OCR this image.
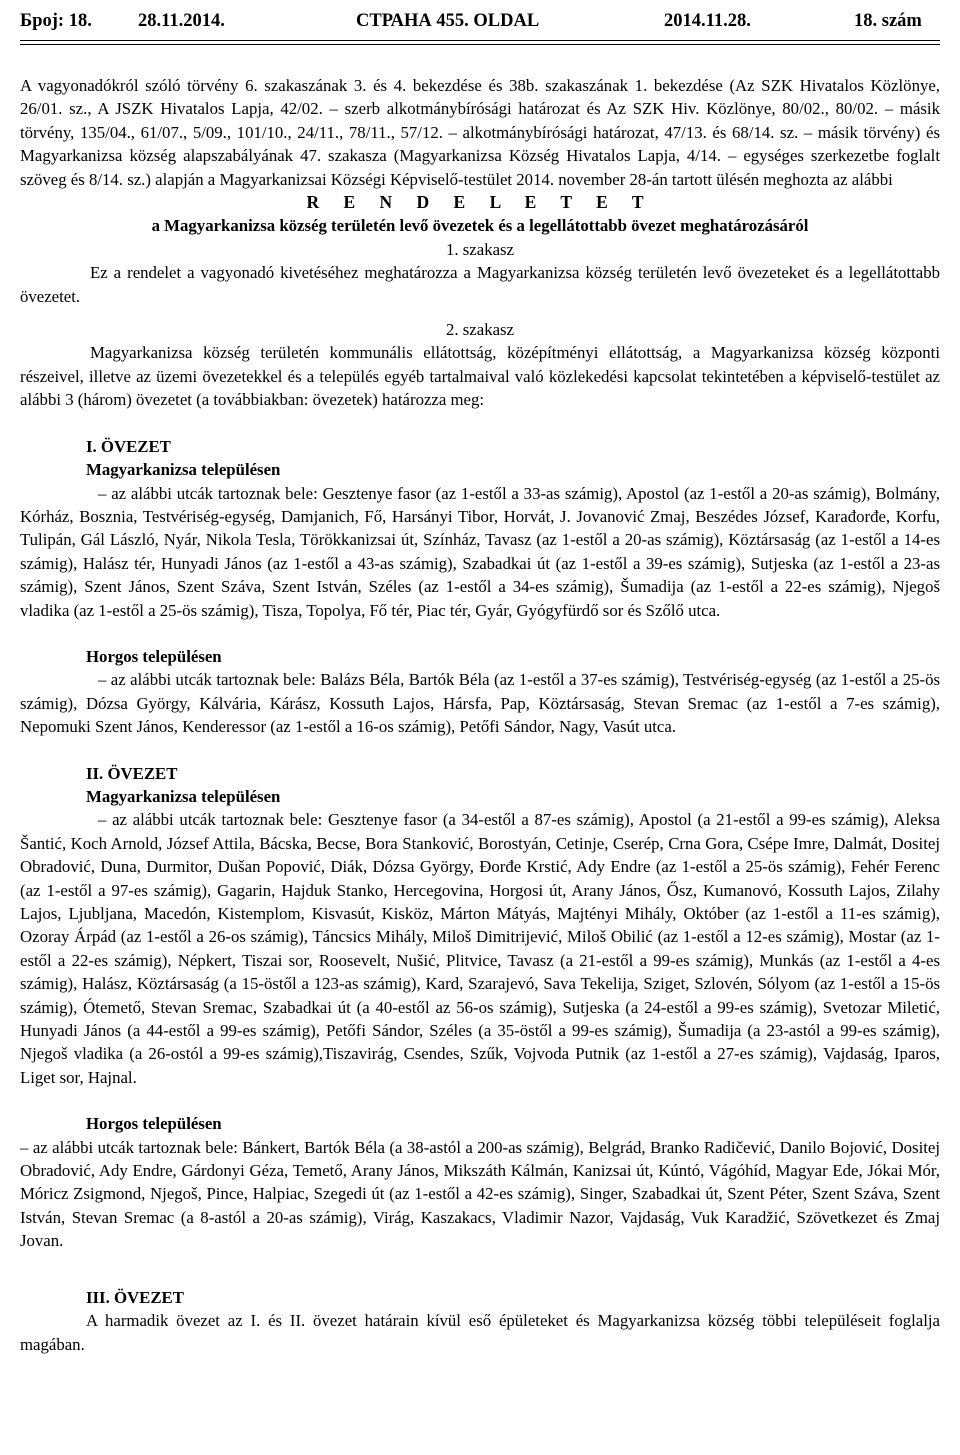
Број: 18. 28.11.2014.	СТРАНА 455. OLDAL	2014.11.28.	18. szám

A vagyonadókról szóló törvény 6. szakaszának 3. és 4. bekezdése és 38b. szakaszának 1. bekezdése (Az SZK Hivatalos Közlönye, 26/01. sz., A JSZK Hivatalos Lapja, 42/02. – szerb alkotmánybírósági határozat és Az SZK Hiv. Közlönye, 80/02., 80/02. – másik törvény, 135/04., 61/07., 5/09., 101/10., 24/11., 78/11., 57/12. – alkotmánybírósági határozat, 47/13. és 68/14. sz. – másik törvény) és Magyarkanizsa község alapszabályának 47. szakasza (Magyarkanizsa Község Hivatalos Lapja, 4/14. – egységes szerkezetbe foglalt szöveg és 8/14. sz.) alapján a Magyarkanizsai Községi Képviselő-testület 2014. november 28-án tartott ülésén meghozta az alábbi

R E N D E L E T E T

a Magyarkanizsa község területén levő övezetek és a legellátottabb övezet meghatározásáról

1. szakasz

Ez a rendelet a vagyonadó kivetéséhez meghatározza a Magyarkanizsa község területén levő övezeteket és a legellátottabb övezetet.

2. szakasz

Magyarkanizsa község területén kommunális ellátottság, középítményi ellátottság, a Magyarkanizsa község központi részeivel, illetve az üzemi övezetekkel és a település egyéb tartalmaival való közlekedési kapcsolat tekintetében a képviselő-testület az alábbi 3 (három) övezetet (a továbbiakban: övezetek) határozza meg:

I. ÖVEZET

Magyarkanizsa településen

– az alábbi utcák tartoznak bele: Gesztenye fasor (az 1-estől a 33-as számig), Apostol (az 1-estől a 20-as számig), Bolmány, Kórház, Bosznia, Testvériség-egység, Damjanich, Fő, Harsányi Tibor, Horvát, J. Jovanović Zmaj, Beszédes József, Karađorđe, Korfu, Tulipán, Gál László, Nyár, Nikola Tesla, Törökkanizsai út, Színház, Tavasz (az 1-estől a 20-as számig), Köztársaság (az 1-estől a 14-es számig), Halász tér, Hunyadi János (az 1-estől a 43-as számig), Szabadkai út (az 1-estől a 39-es számig), Sutjeska (az 1-estől a 23-as számig), Szent János, Szent Száva, Szent István, Széles (az 1-estől a 34-es számig), Šumadija (az 1-estől a 22-es számig), Njegoš vladika (az 1-estől a 25-ös számig), Tisza, Topolya, Fő tér, Piac tér, Gyár, Gyógyfürdő sor és Szőlő utca.

Horgos településen

– az alábbi utcák tartoznak bele: Balázs Béla, Bartók Béla (az 1-estől a 37-es számig), Testvériség-egység (az 1-estől a 25-ös számig), Dózsa György, Kálvária, Kárász, Kossuth Lajos, Hársfa, Pap, Köztársaság, Stevan Sremac (az 1-estől a 7-es számig), Nepomuki Szent János, Kenderessor (az 1-estől a 16-os számig), Petőfi Sándor, Nagy, Vasút utca.

II. ÖVEZET

Magyarkanizsa településen

– az alábbi utcák tartoznak bele: Gesztenye fasor (a 34-estől a 87-es számig), Apostol (a 21-estől a 99-es számig), Aleksa Šantić, Koch Arnold, József Attila, Bácska, Becse, Bora Stanković, Borostyán, Cetinje, Cserép, Crna Gora, Csépe Imre, Dalmát, Dositej Obradović, Duna, Durmitor, Dušan Popović, Diák, Dózsa György, Đorđe Krstić, Ady Endre (az 1-estől a 25-ös számig), Fehér Ferenc (az 1-estől a 97-es számig), Gagarin, Hajduk Stanko, Hercegovina, Horgosi út, Arany János, Ősz, Kumanovó, Kossuth Lajos, Zilahy Lajos, Ljubljana, Macedón, Kistemplom, Kisvasút, Kisköz, Márton Mátyás, Majtényi Mihály, Október (az 1-estől a 11-es számig), Ozoray Árpád (az 1-estől a 26-os számig), Táncsics Mihály, Miloš Dimitrijević, Miloš Obilić (az 1-estől a 12-es számig), Mostar (az 1-estől a 22-es számig), Népkert, Tiszai sor, Roosevelt, Nušić, Plitvice, Tavasz (a 21-estől a 99-es számig), Munkás (az 1-estől a 4-es számig), Halász, Köztársaság (a 15-östől a 123-as számig), Kard, Szarajevó, Sava Tekelija, Sziget, Szlovén, Sólyom (az 1-estől a 15-ös számig), Ótemető, Stevan Sremac, Szabadkai út (a 40-estől az 56-os számig), Sutjeska (a 24-estől a 99-es számig), Svetozar Miletić, Hunyadi János (a 44-estől a 99-es számig), Petőfi Sándor, Széles (a 35-östől a 99-es számig), Šumadija (a 23-astól a 99-es számig), Njegoš vladika (a 26-ostól a 99-es számig),Tiszavirág, Csendes, Szűk, Vojvoda Putnik (az 1-estől a 27-es számig), Vajdaság, Iparos, Liget sor, Hajnal.

Horgos településen

– az alábbi utcák tartoznak bele: Bánkert, Bartók Béla (a 38-astól a 200-as számig), Belgrád, Branko Radičević, Danilo Bojović, Dositej Obradović, Ady Endre, Gárdonyi Géza, Temető, Arany János, Mikszáth Kálmán, Kanizsai út, Kúntó, Vágóhíd, Magyar Ede, Jókai Mór, Móricz Zsigmond, Njegoš, Pince, Halpiac, Szegedi út (az 1-estől a 42-es számig), Singer, Szabadkai út, Szent Péter, Szent Száva, Szent István, Stevan Sremac (a 8-astól a 20-as számig), Virág, Kaszakacs, Vladimir Nazor, Vajdaság, Vuk Karadžić, Szövetkezet és Zmaj Jovan.

III. ÖVEZET

A harmadik övezet az I. és II. övezet határain kívül eső épületeket és Magyarkanizsa község többi településeit foglalja magában.
